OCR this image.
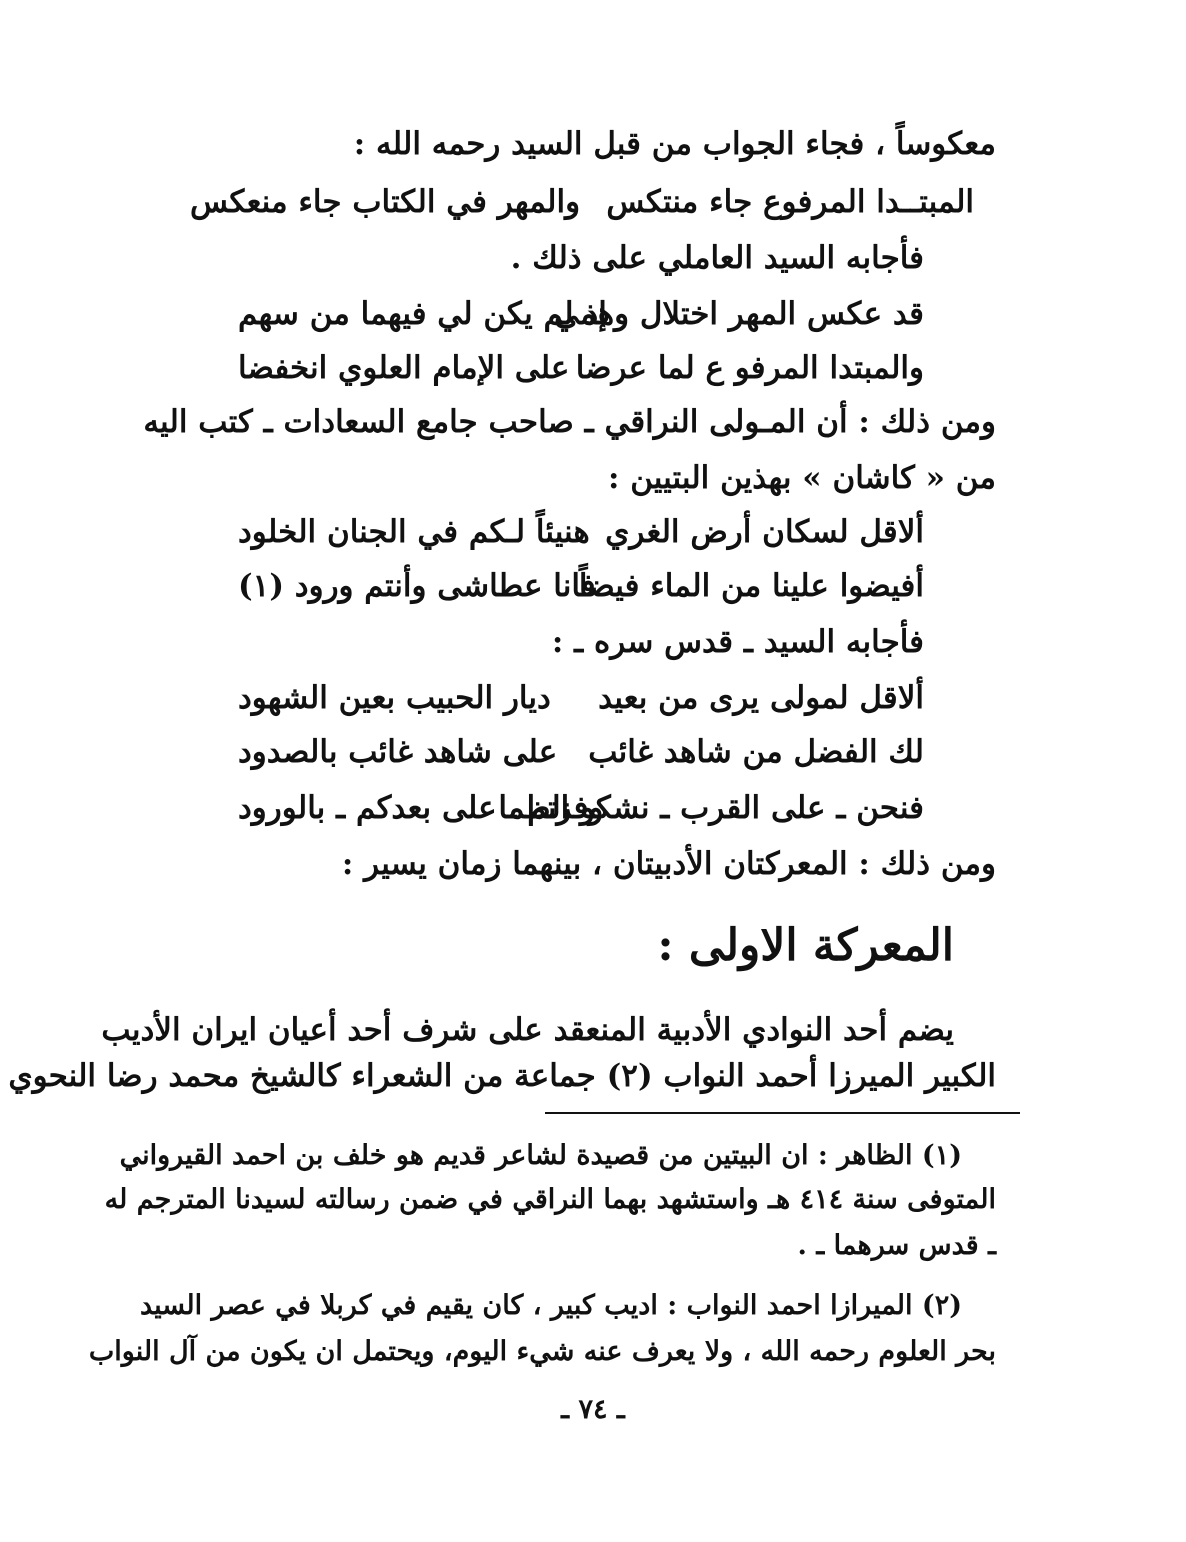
معكوساً ، فجاء الجواب من قبل السيد رحمه الله :
المبتــدا المرفوع جاء منتكس
والمهر في الكتاب جاء منعكس
فأجابه السيد العاملي على ذلك .
قد عكس المهر اختلال وهمي
إذ لم يكن لي فيهما من سهم
والمبتدا المرفو ع لما عرضا
على الإمام العلوي انخفضا
ومن ذلك : أن المـولى النراقي ـ صاحب جامع السعادات ـ كتب اليه
من « كاشان » بهذين البتيين :
ألاقل لسكان أرض الغري
هنيئاً لـكم في الجنان الخلود
أفيضوا علينا من الماء فيضاً
فانا عطاشى وأنتم ورود (١)
فأجابه السيد ـ قدس سره ـ :
ألاقل لمولى يرى من بعيد
ديار الحبيب بعين الشهود
لك الفضل من شاهد غائب
على شاهد غائب بالصدود
فنحن ـ على القرب ـ نشكو الظما
وفزتم ـ على بعدكم ـ بالورود
ومن ذلك : المعركتان الأدبيتان ، بينهما زمان يسير :
المعركة الاولى :
يضم أحد النوادي الأدبية المنعقد على شرف أحد أعيان ايران الأديب
الكبير الميرزا أحمد النواب (٢) جماعة من الشعراء كالشيخ محمد رضا النحوي
(١) الظاهر : ان البيتين من قصيدة لشاعر قديم هو خلف بن احمد القيرواني
المتوفى سنة ٤١٤ هـ واستشهد بهما النراقي في ضمن رسالته لسيدنا المترجم له
ـ قدس سرهما ـ .
(٢) الميرازا احمد النواب : اديب كبير ، كان يقيم في كربلا في عصر السيد
بحر العلوم رحمه الله ، ولا يعرف عنه شيء اليوم، ويحتمل ان يكون من آل النواب
ـ ٧٤ ـ
